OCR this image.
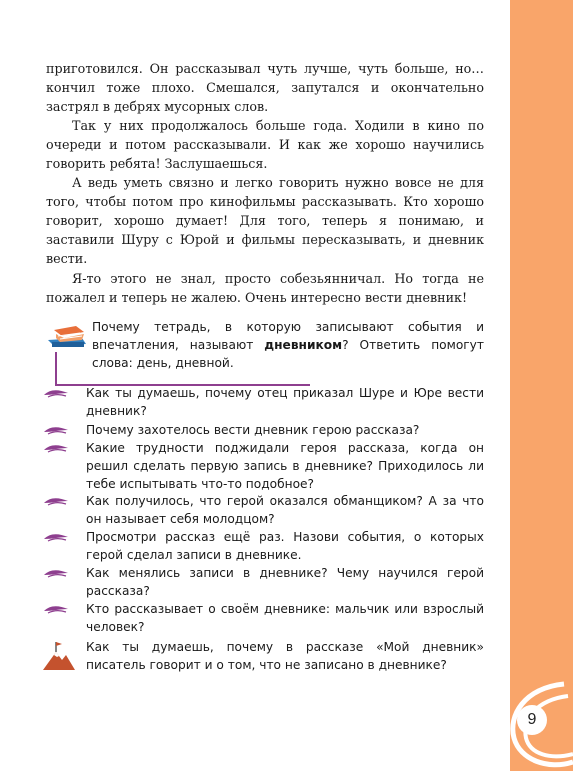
9

приготовился. Он рассказывал чуть лучше, чуть больше, но… кончил тоже плохо. Смешался, запутался и окончательно застрял в дебрях мусорных слов.

Так у них продолжалось больше года. Ходили в кино по очереди и потом рассказывали. И как же хорошо научились говорить ребята! Заслушаешься.

А ведь уметь связно и легко говорить нужно вовсе не для того, чтобы потом про кинофильмы рассказывать. Кто хорошо говорит, хорошо думает! Для того, теперь я понимаю, и заставили Шуру с Юрой и фильмы пересказывать, и дневник вести.

Я-то этого не знал, просто собезьянничал. Но тогда не пожалел и теперь не жалею. Очень интересно вести дневник!

Почему тетрадь, в которую записывают события и впечатления, называют дневником? Ответить помогут слова: день, дневной.
Как ты думаешь, почему отец приказал Шуре и Юре вести дневник?
Почему захотелось вести дневник герою рассказа?
Какие трудности поджидали героя рассказа, когда он решил сделать первую запись в дневнике? Приходилось ли тебе испытывать что-то подобное?
Как получилось, что герой оказался обманщиком? А за что он называет себя молодцом?
Просмотри рассказ ещё раз. Назови события, о которых герой сделал записи в дневнике.
Как менялись записи в дневнике? Чему научился герой рассказа?
Кто рассказывает о своём дневнике: мальчик или взрослый человек?
Как ты думаешь, почему в рассказе «Мой дневник» писатель говорит и о том, что не записано в дневнике?
